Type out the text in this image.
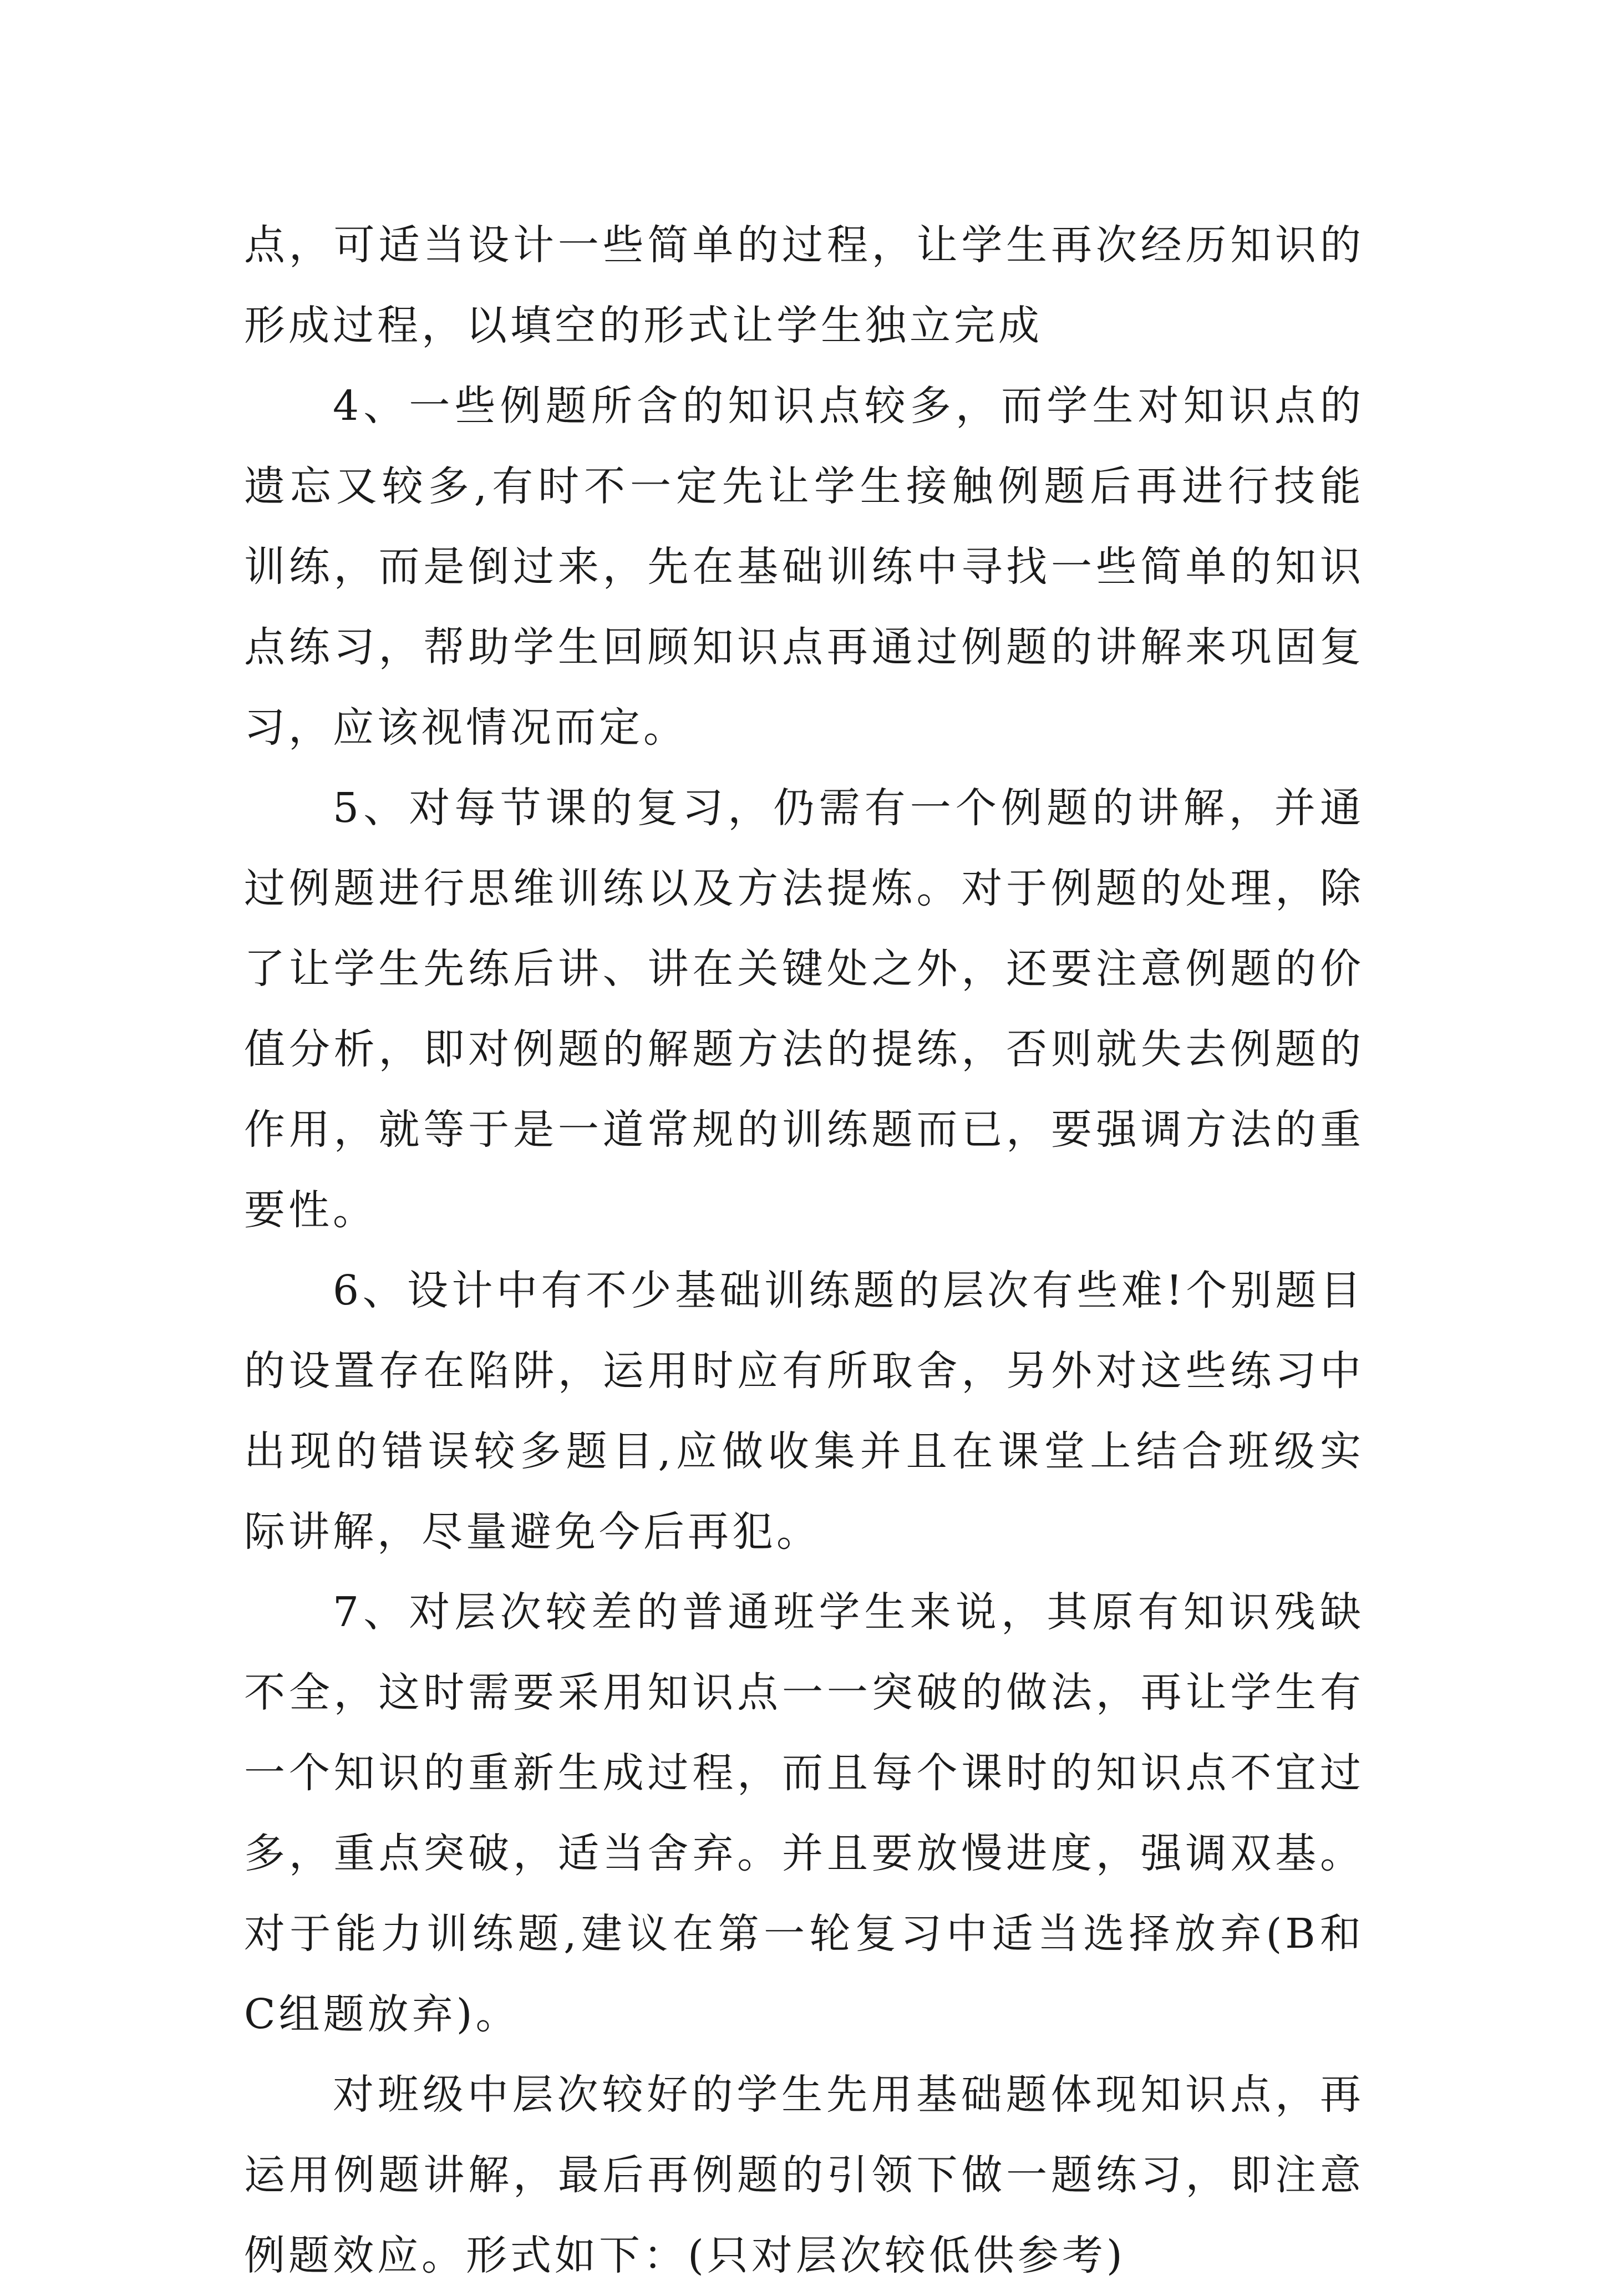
点，可适当设计一些简单的过程，让学生再次经历知识的形成过程，以填空的形式让学生独立完成

4、一些例题所含的知识点较多，而学生对知识点的遗忘又较多,有时不一定先让学生接触例题后再进行技能训练，而是倒过来，先在基础训练中寻找一些简单的知识点练习，帮助学生回顾知识点再通过例题的讲解来巩固复习，应该视情况而定。

5、对每节课的复习，仍需有一个例题的讲解，并通过例题进行思维训练以及方法提炼。对于例题的处理，除了让学生先练后讲、讲在关键处之外，还要注意例题的价值分析，即对例题的解题方法的提练，否则就失去例题的作用，就等于是一道常规的训练题而已，要强调方法的重要性。

6、设计中有不少基础训练题的层次有些难!个别题目的设置存在陷阱，运用时应有所取舍，另外对这些练习中出现的错误较多题目,应做收集并且在课堂上结合班级实际讲解，尽量避免今后再犯。

7、对层次较差的普通班学生来说，其原有知识残缺不全，这时需要采用知识点一一突破的做法，再让学生有一个知识的重新生成过程，而且每个课时的知识点不宜过多，重点突破，适当舍弃。并且要放慢进度，强调双基。对于能力训练题,建议在第一轮复习中适当选择放弃(B和C组题放弃)。

对班级中层次较好的学生先用基础题体现知识点，再运用例题讲解，最后再例题的引领下做一题练习，即注意例题效应。形式如下：(只对层次较低供参考)
